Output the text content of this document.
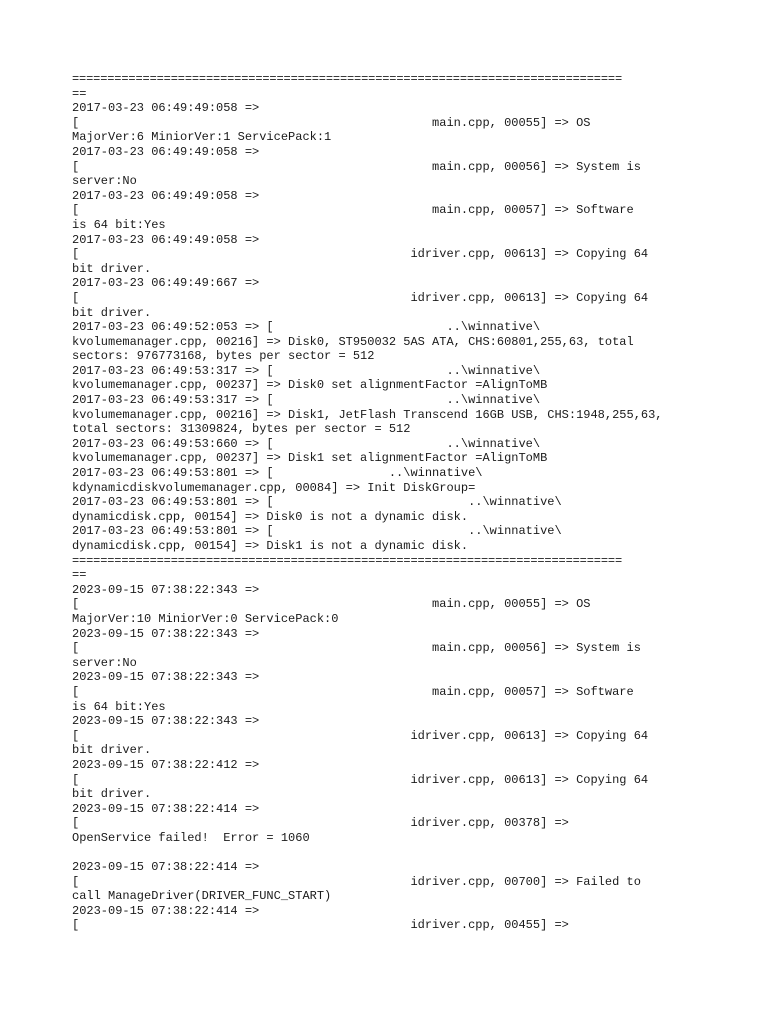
==============================================================================
==
2017-03-23 06:49:49:058 =>
[                                                 main.cpp, 00055] => OS
MajorVer:6 MiniorVer:1 ServicePack:1
2017-03-23 06:49:49:058 =>
[                                                 main.cpp, 00056] => System is
server:No
2017-03-23 06:49:49:058 =>
[                                                 main.cpp, 00057] => Software
is 64 bit:Yes
2017-03-23 06:49:49:058 =>
[                                              idriver.cpp, 00613] => Copying 64
bit driver.
2017-03-23 06:49:49:667 =>
[                                              idriver.cpp, 00613] => Copying 64
bit driver.
2017-03-23 06:49:52:053 => [                        ..\winnative\
kvolumemanager.cpp, 00216] => Disk0, ST950032 5AS ATA, CHS:60801,255,63, total
sectors: 976773168, bytes per sector = 512
2017-03-23 06:49:53:317 => [                        ..\winnative\
kvolumemanager.cpp, 00237] => Disk0 set alignmentFactor =AlignToMB
2017-03-23 06:49:53:317 => [                        ..\winnative\
kvolumemanager.cpp, 00216] => Disk1, JetFlash Transcend 16GB USB, CHS:1948,255,63,
total sectors: 31309824, bytes per sector = 512
2017-03-23 06:49:53:660 => [                        ..\winnative\
kvolumemanager.cpp, 00237] => Disk1 set alignmentFactor =AlignToMB
2017-03-23 06:49:53:801 => [                ..\winnative\
kdynamicdiskvolumemanager.cpp, 00084] => Init DiskGroup=
2017-03-23 06:49:53:801 => [                           ..\winnative\
dynamicdisk.cpp, 00154] => Disk0 is not a dynamic disk.
2017-03-23 06:49:53:801 => [                           ..\winnative\
dynamicdisk.cpp, 00154] => Disk1 is not a dynamic disk.
==============================================================================
==
2023-09-15 07:38:22:343 =>
[                                                 main.cpp, 00055] => OS
MajorVer:10 MiniorVer:0 ServicePack:0
2023-09-15 07:38:22:343 =>
[                                                 main.cpp, 00056] => System is
server:No
2023-09-15 07:38:22:343 =>
[                                                 main.cpp, 00057] => Software
is 64 bit:Yes
2023-09-15 07:38:22:343 =>
[                                              idriver.cpp, 00613] => Copying 64
bit driver.
2023-09-15 07:38:22:412 =>
[                                              idriver.cpp, 00613] => Copying 64
bit driver.
2023-09-15 07:38:22:414 =>
[                                              idriver.cpp, 00378] =>
OpenService failed!  Error = 1060
2023-09-15 07:38:22:414 =>
[                                              idriver.cpp, 00700] => Failed to
call ManageDriver(DRIVER_FUNC_START)
2023-09-15 07:38:22:414 =>
[                                              idriver.cpp, 00455] =>
